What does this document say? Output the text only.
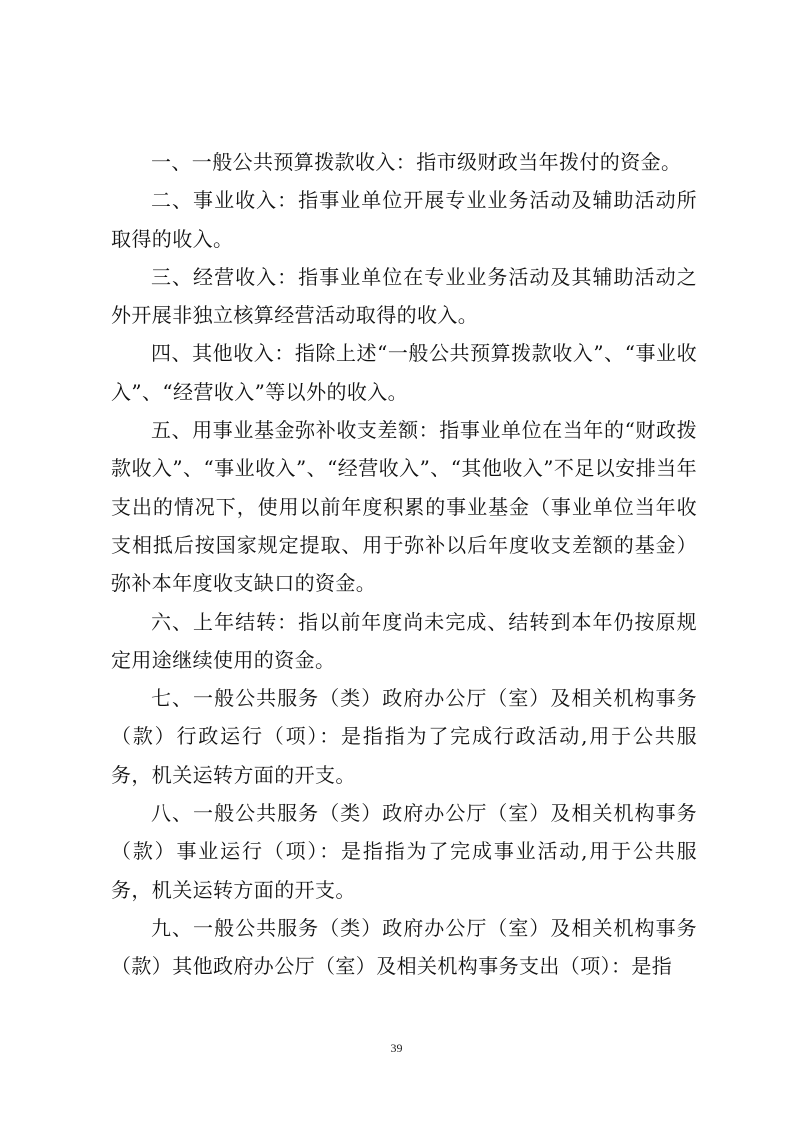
一、一般公共预算拨款收入：指市级财政当年拨付的资金。

二、事业收入：指事业单位开展专业业务活动及辅助活动所取得的收入。

三、经营收入：指事业单位在专业业务活动及其辅助活动之外开展非独立核算经营活动取得的收入。

四、其他收入：指除上述“一般公共预算拨款收入”、“事业收入”、“经营收入”等以外的收入。

五、用事业基金弥补收支差额：指事业单位在当年的“财政拨款收入”、“事业收入”、“经营收入”、“其他收入”不足以安排当年支出的情况下，使用以前年度积累的事业基金（事业单位当年收支相抵后按国家规定提取、用于弥补以后年度收支差额的基金）弥补本年度收支缺口的资金。

六、上年结转：指以前年度尚未完成、结转到本年仍按原规定用途继续使用的资金。

七、一般公共服务（类）政府办公厅（室）及相关机构事务（款）行政运行（项）：是指指为了完成行政活动,用于公共服务，机关运转方面的开支。

八、一般公共服务（类）政府办公厅（室）及相关机构事务（款）事业运行（项）：是指指为了完成事业活动,用于公共服务，机关运转方面的开支。

九、一般公共服务（类）政府办公厅（室）及相关机构事务（款）其他政府办公厅（室）及相关机构事务支出（项）：是指

39
